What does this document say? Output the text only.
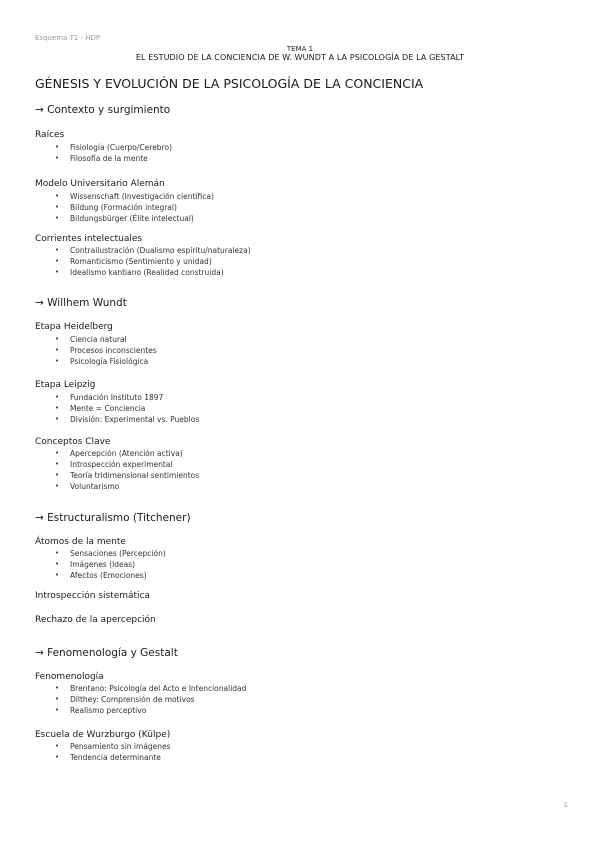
Esquema T1 - HDP
TEMA 1
EL ESTUDIO DE LA CONCIENCIA DE W. WUNDT A LA PSICOLOGÍA DE LA GESTALT
GÉNESIS Y EVOLUCIÓN DE LA PSICOLOGÍA DE LA CONCIENCIA
→ Contexto y surgimiento
Raíces
• Fisiología (Cuerpo/Cerebro)
• Filosofía de la mente
Modelo Universitario Alemán
• Wissenschaft (Investigación científica)
• Bildung (Formación integral)
• Bildungsbürger (Élite intelectual)
Corrientes intelectuales
• Contrailustración (Dualismo espíritu/naturaleza)
• Romanticismo (Sentimiento y unidad)
• Idealismo kantiano (Realidad construida)
→ Willhem Wundt
Etapa Heidelberg
• Ciencia natural
• Procesos inconscientes
• Psicología Fisiológica
Etapa Leipzig
• Fundación Instituto 1897
• Mente = Conciencia
• División: Experimental vs. Pueblos
Conceptos Clave
• Apercepción (Atención activa)
• Introspección experimental
• Teoría tridimensional sentimientos
• Voluntarismo
→ Estructuralismo (Titchener)
Átomos de la mente
• Sensaciones (Percepción)
• Imágenes (Ideas)
• Afectos (Emociones)
Introspección sistemática
Rechazo de la apercepción
→ Fenomenología y Gestalt
Fenomenología
• Brentano: Psicología del Acto e Intencionalidad
• Dilthey: Comprensión de motivos
• Realismo perceptivo
Escuela de Wurzburgo (Külpe)
• Pensamiento sin imágenes
• Tendencia determinante
1
